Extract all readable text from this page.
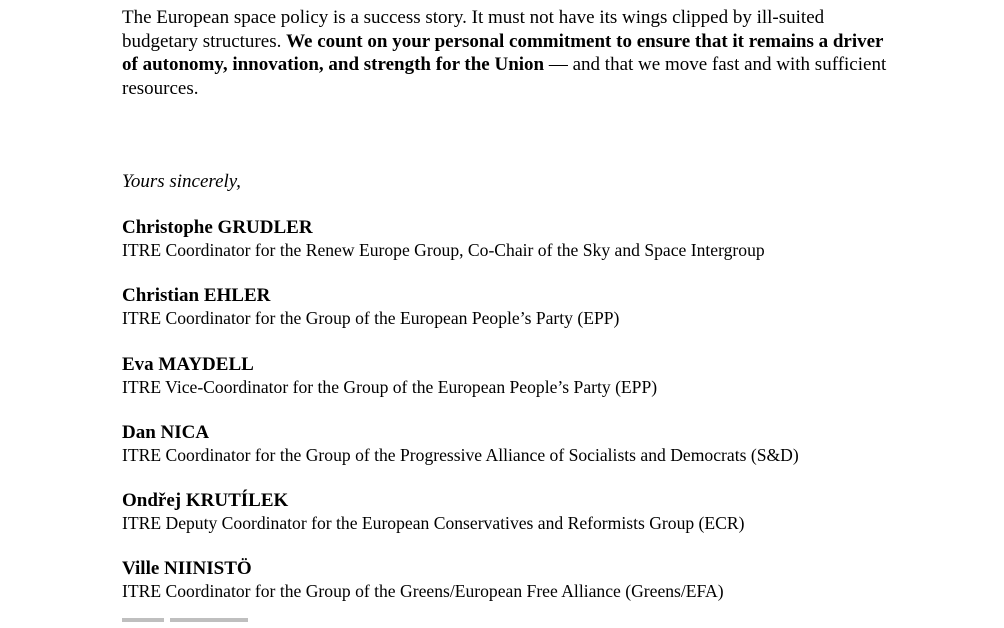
The European space policy is a success story. It must not have its wings clipped by ill-suited budgetary structures. We count on your personal commitment to ensure that it remains a driver of autonomy, innovation, and strength for the Union — and that we move fast and with sufficient resources.

Yours sincerely,

Christophe GRUDLER
ITRE Coordinator for the Renew Europe Group, Co-Chair of the Sky and Space Intergroup
Christian EHLER
ITRE Coordinator for the Group of the European People’s Party (EPP)
Eva MAYDELL
ITRE Vice-Coordinator for the Group of the European People’s Party (EPP)
Dan NICA
ITRE Coordinator for the Group of the Progressive Alliance of Socialists and Democrats (S&D)
Ondřej KRUTÍLEK
ITRE Deputy Coordinator for the European Conservatives and Reformists Group (ECR)
Ville NIINISTÖ
ITRE Coordinator for the Group of the Greens/European Free Alliance (Greens/EFA)
